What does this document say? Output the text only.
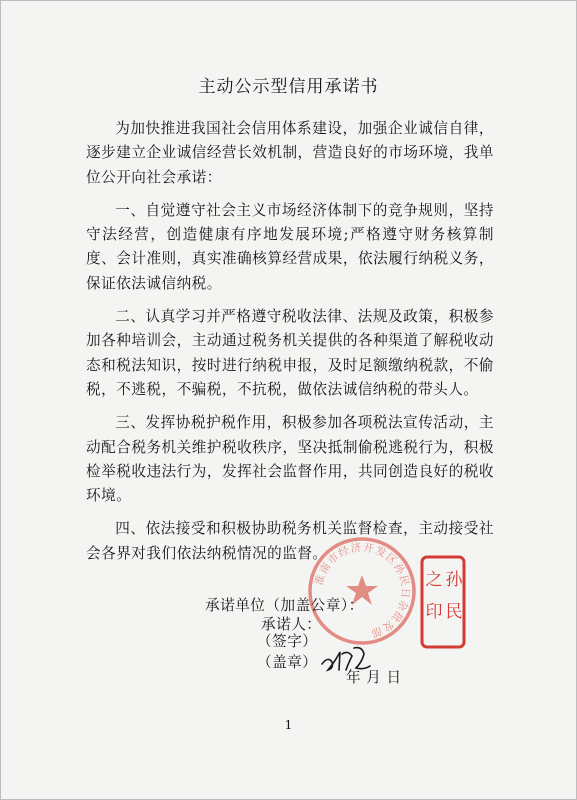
主动公示型信用承诺书

为加快推进我国社会信用体系建设，加强企业诚信自律，逐步建立企业诚信经营长效机制，营造良好的市场环境，我单位公开向社会承诺：

一、自觉遵守社会主义市场经济体制下的竞争规则，坚持守法经营，创造健康有序地发展环境;严格遵守财务核算制度、会计准则，真实准确核算经营成果，依法履行纳税义务，保证依法诚信纳税。

二、认真学习并严格遵守税收法律、法规及政策，积极参加各种培训会，主动通过税务机关提供的各种渠道了解税收动态和税法知识，按时进行纳税申报，及时足额缴纳税款，不偷税，不逃税，不骗税，不抗税，做依法诚信纳税的带头人。

三、发挥协税护税作用，积极参加各项税法宣传活动，主动配合税务机关维护税收秩序，坚决抵制偷税逃税行为，积极检举税收违法行为，发挥社会监督作用，共同创造良好的税收环境。

四、依法接受和积极协助税务机关监督检查，主动接受社会各界对我们依法纳税情况的监督。

淮南市经济开发区孙民日杂批发部
孙
民
之
印
承诺单位（加盖公章）：
承诺人：
（签字）
（盖章）
年 月 日
1
